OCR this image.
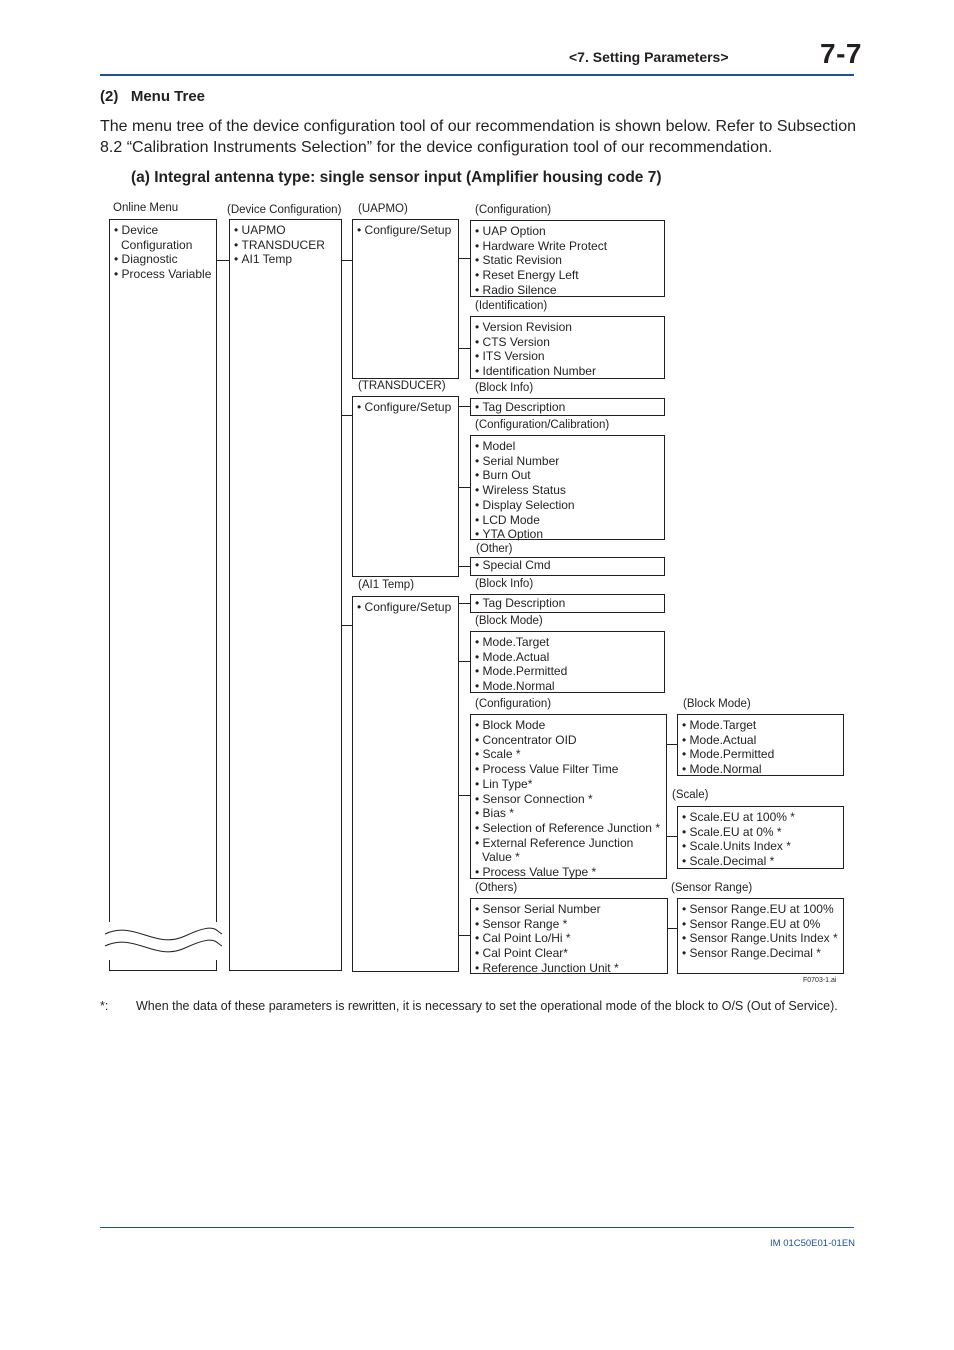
<7. Setting Parameters>	7-7
(2)   Menu Tree
The menu tree of the device configuration tool of our recommendation is shown below. Refer to Subsection 8.2 “Calibration Instruments Selection” for the device configuration tool of our recommendation.
(a) Integral antenna type: single sensor input (Amplifier housing code 7)
Online Menu
• Device
Configuration
• Diagnostic
• Process Variable
(Device Configuration)
• UAPMO
• TRANSDUCER
• AI1 Temp
(UAPMO)
• Configure/Setup
(TRANSDUCER)
• Configure/Setup
(AI1 Temp)
• Configure/Setup
(Configuration)
• UAP Option
• Hardware Write Protect
• Static Revision
• Reset Energy Left
• Radio Silence
(Identification)
• Version Revision
• CTS Version
• ITS Version
• Identification Number
(Block Info)
• Tag Description
(Configuration/Calibration)
• Model
• Serial Number
• Burn Out
• Wireless Status
• Display Selection
• LCD Mode
• YTA Option
(Other)
• Special Cmd
(Block Info)
• Tag Description
(Block Mode)
• Mode.Target
• Mode.Actual
• Mode.Permitted
• Mode.Normal
(Configuration)
• Block Mode
• Concentrator OID
• Scale *
• Process Value Filter Time
• Lin Type*
• Sensor Connection *
• Bias *
• Selection of Reference Junction *
• External Reference Junction
Value *
• Process Value Type *
(Others)
• Sensor Serial Number
• Sensor Range *
• Cal Point Lo/Hi *
• Cal Point Clear*
• Reference Junction Unit *
(Block Mode)
• Mode.Target
• Mode.Actual
• Mode.Permitted
• Mode.Normal
(Scale)
• Scale.EU at 100% *
• Scale.EU at 0% *
• Scale.Units Index *
• Scale.Decimal *
(Sensor Range)
• Sensor Range.EU at 100%
• Sensor Range.EU at 0%
• Sensor Range.Units Index *
• Sensor Range.Decimal *
F0703-1.ai
*: When the data of these parameters is rewritten, it is necessary to set the operational mode of the block to O/S (Out of Service).
IM 01C50E01-01EN
